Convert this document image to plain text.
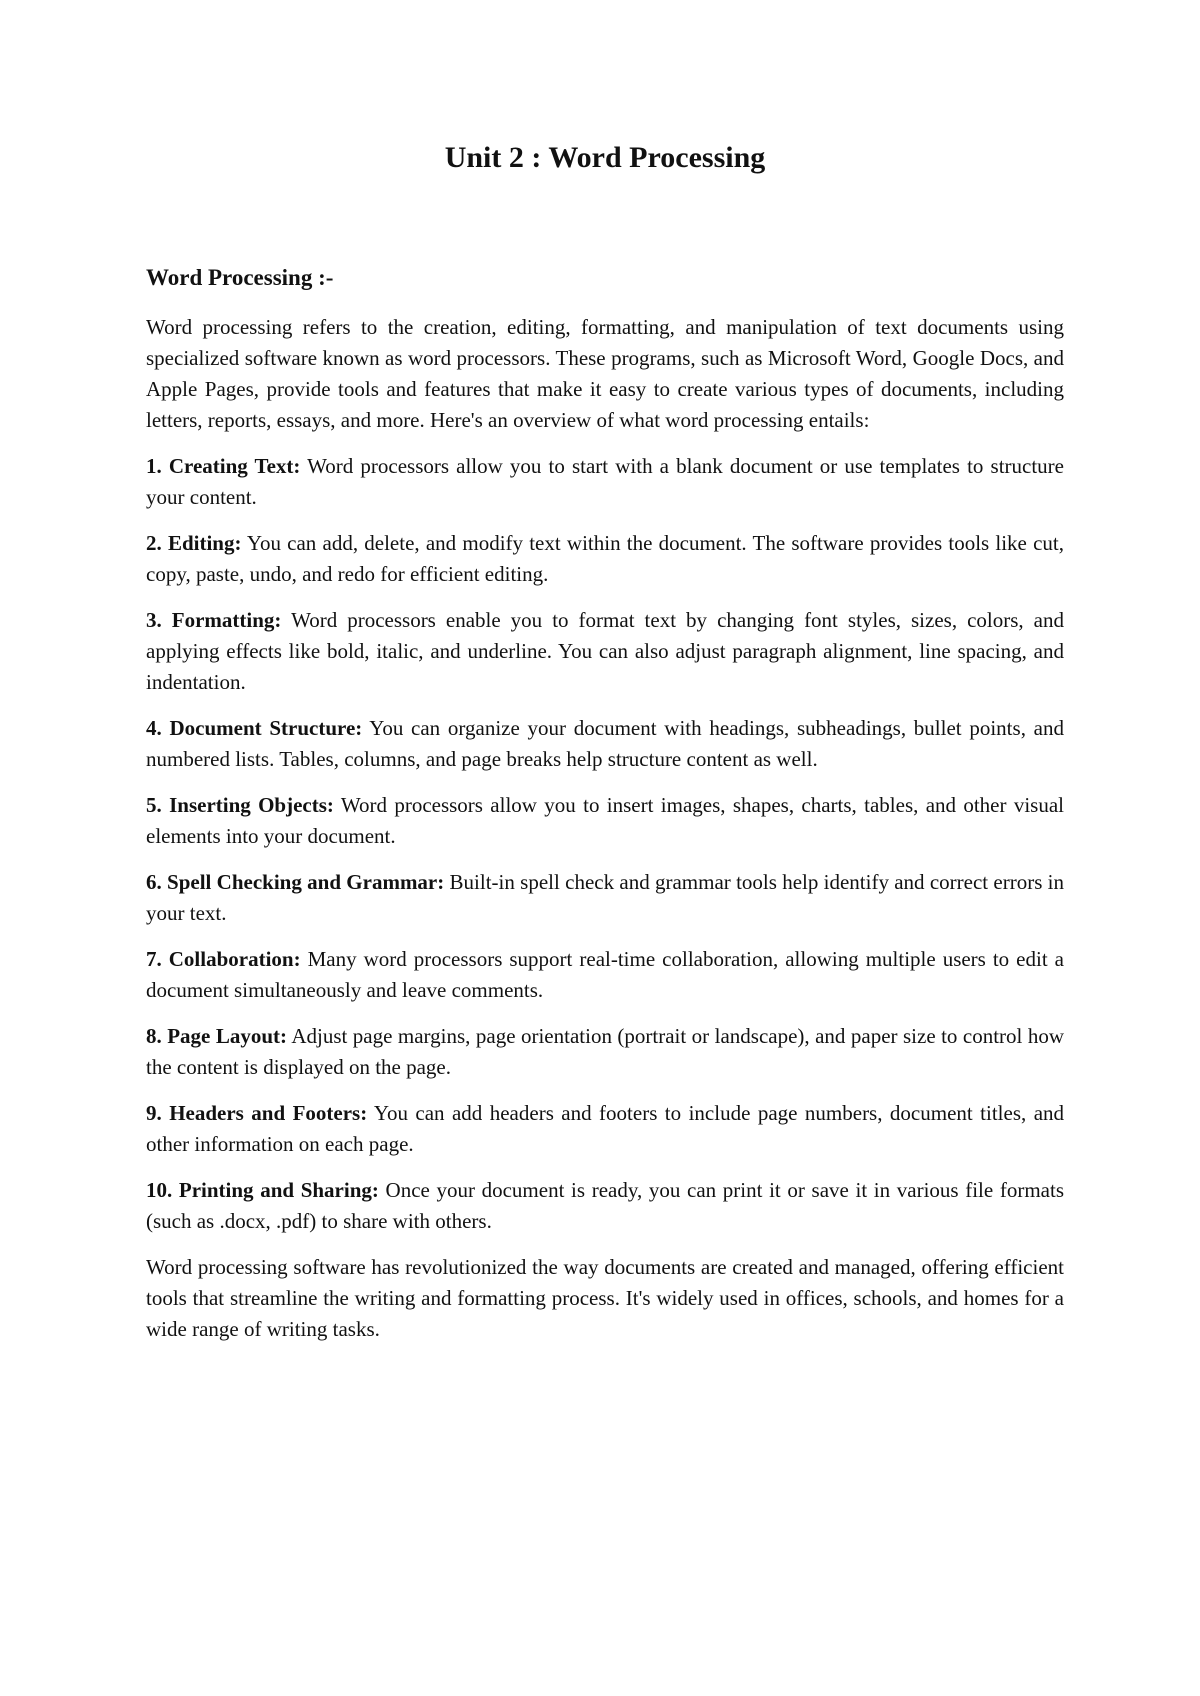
Unit 2 : Word Processing
Word Processing :-

Word processing refers to the creation, editing, formatting, and manipulation of text documents using specialized software known as word processors. These programs, such as Microsoft Word, Google Docs, and Apple Pages, provide tools and features that make it easy to create various types of documents, including letters, reports, essays, and more. Here's an overview of what word processing entails:

1. Creating Text: Word processors allow you to start with a blank document or use templates to structure your content.

2. Editing: You can add, delete, and modify text within the document. The software provides tools like cut, copy, paste, undo, and redo for efficient editing.

3. Formatting: Word processors enable you to format text by changing font styles, sizes, colors, and applying effects like bold, italic, and underline. You can also adjust paragraph alignment, line spacing, and indentation.

4. Document Structure: You can organize your document with headings, subheadings, bullet points, and numbered lists. Tables, columns, and page breaks help structure content as well.

5. Inserting Objects: Word processors allow you to insert images, shapes, charts, tables, and other visual elements into your document.

6. Spell Checking and Grammar: Built-in spell check and grammar tools help identify and correct errors in your text.

7. Collaboration: Many word processors support real-time collaboration, allowing multiple users to edit a document simultaneously and leave comments.

8. Page Layout: Adjust page margins, page orientation (portrait or landscape), and paper size to control how the content is displayed on the page.

9. Headers and Footers: You can add headers and footers to include page numbers, document titles, and other information on each page.

10. Printing and Sharing: Once your document is ready, you can print it or save it in various file formats (such as .docx, .pdf) to share with others.

Word processing software has revolutionized the way documents are created and managed, offering efficient tools that streamline the writing and formatting process. It's widely used in offices, schools, and homes for a wide range of writing tasks.
